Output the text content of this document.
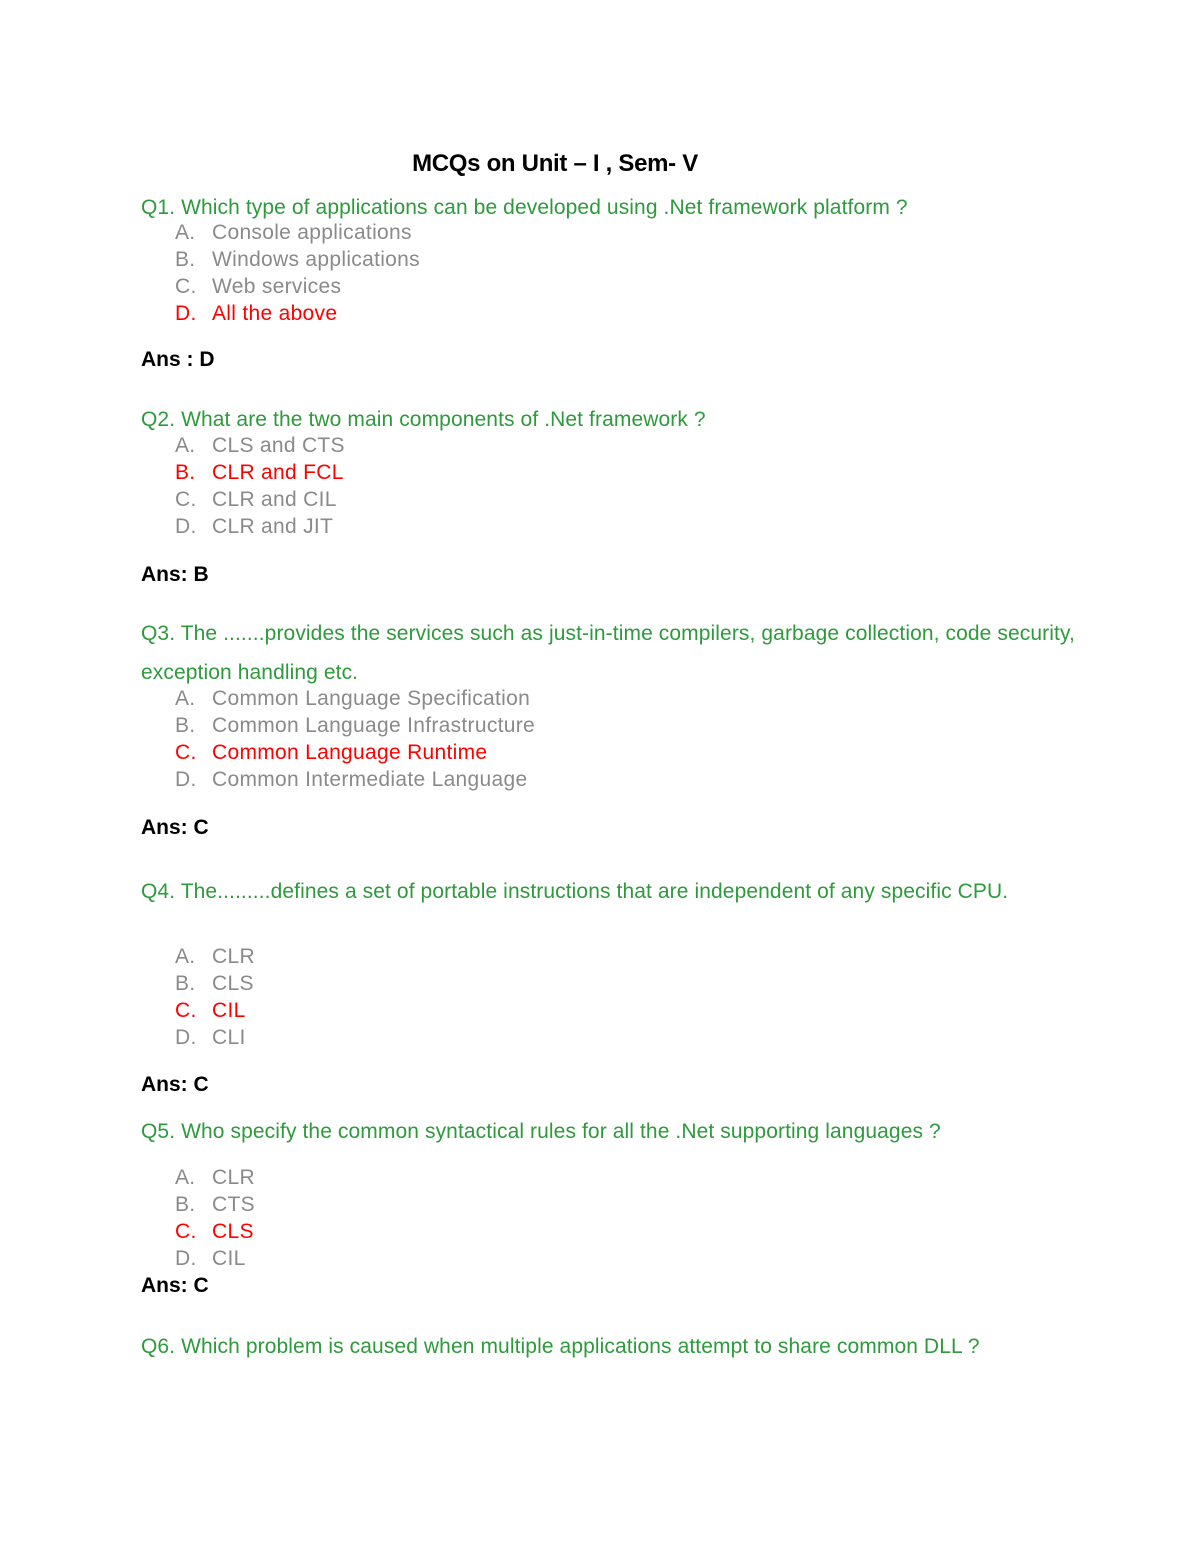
MCQs on Unit – I , Sem- V
Q1. Which type of applications can be developed using .Net framework platform ?
A. Console applications
B. Windows applications
C. Web services
D. All the above
Ans : D
Q2. What are the two main components of .Net framework ?
A. CLS and CTS
B. CLR and FCL
C. CLR and CIL
D. CLR and JIT
Ans: B
Q3. The .......provides the services such as just-in-time compilers, garbage collection, code security, exception handling etc.
A. Common Language Specification
B. Common Language Infrastructure
C. Common Language Runtime
D. Common Intermediate Language
Ans: C
Q4. The.........defines a set of portable instructions that are independent of any specific CPU.
A. CLR
B. CLS
C. CIL
D. CLI
Ans: C
Q5. Who specify the common syntactical rules for all the .Net supporting languages ?
A. CLR
B. CTS
C. CLS
D. CIL
Ans: C
Q6. Which problem is caused when multiple applications attempt to share common DLL ?
